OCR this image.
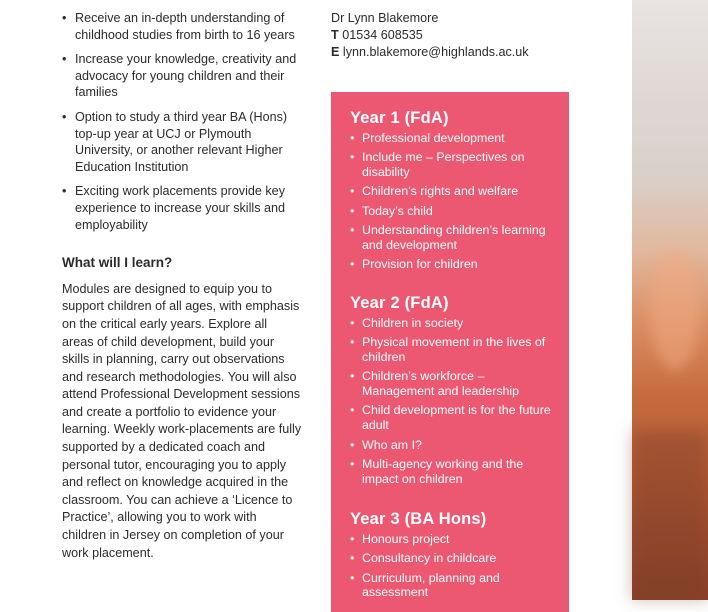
• Receive an in-depth understanding of childhood studies from birth to 16 years
• Increase your knowledge, creativity and advocacy for young children and their families
• Option to study a third year BA (Hons) top-up year at UCJ or Plymouth University, or another relevant Higher Education Institution
• Exciting work placements provide key experience to increase your skills and employability
What will I learn?

Modules are designed to equip you to support children of all ages, with emphasis on the critical early years. Explore all areas of child development, build your skills in planning, carry out observations and research methodologies. You will also attend Professional Development sessions and create a portfolio to evidence your learning. Weekly work-placements are fully supported by a dedicated coach and personal tutor, encouraging you to apply and reflect on knowledge acquired in the classroom. You can achieve a ‘Licence to Practice’, allowing you to work with children in Jersey on completion of your work placement.

Dr Lynn Blakemore
T 01534 608535
E lynn.blakemore@highlands.ac.uk
Year 1 (FdA)
• Professional development
• Include me – Perspectives on disability
• Children’s rights and welfare
• Today’s child
• Understanding children’s learning and development
• Provision for children
Year 2 (FdA)
• Children in society
• Physical movement in the lives of children
• Children’s workforce – Management and leadership
• Child development is for the future adult
• Who am I?
• Multi-agency working and the impact on children
Year 3 (BA Hons)
• Honours project
• Consultancy in childcare
• Curriculum, planning and assessment
